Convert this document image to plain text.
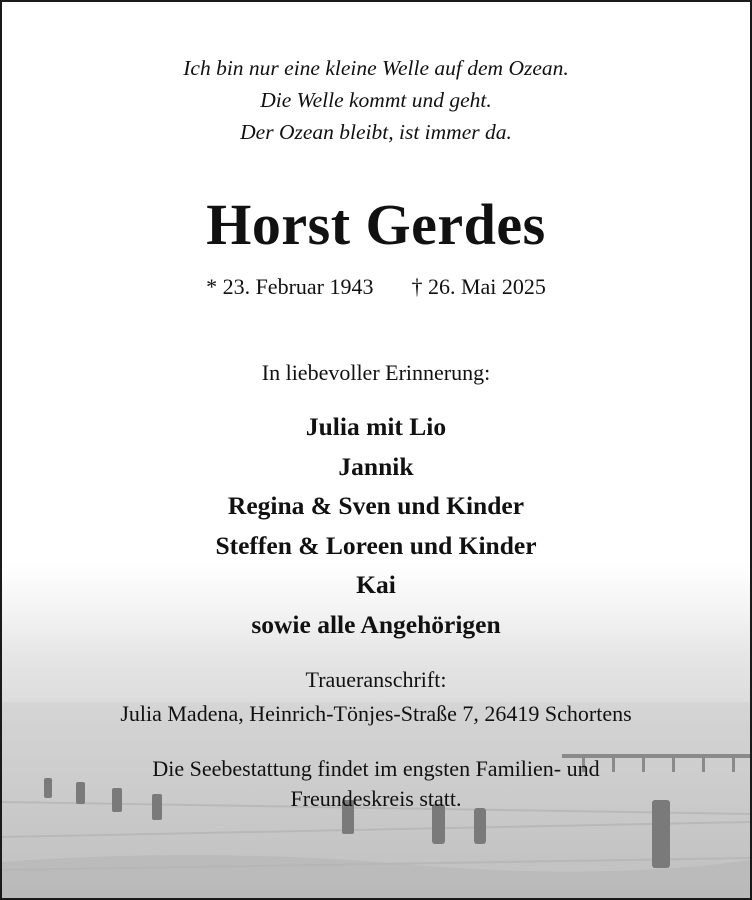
Ich bin nur eine kleine Welle auf dem Ozean.
Die Welle kommt und geht.
Der Ozean bleibt, ist immer da.
Horst Gerdes
* 23. Februar 1943 † 26. Mai 2025
In liebevoller Erinnerung:
Julia mit Lio
Jannik
Regina & Sven und Kinder
Steffen & Loreen und Kinder
Kai
sowie alle Angehörigen
Traueranschrift:
Julia Madena, Heinrich-Tönjes-Straße 7, 26419 Schortens
Die Seebestattung findet im engsten Familien- und
Freundeskreis statt.
